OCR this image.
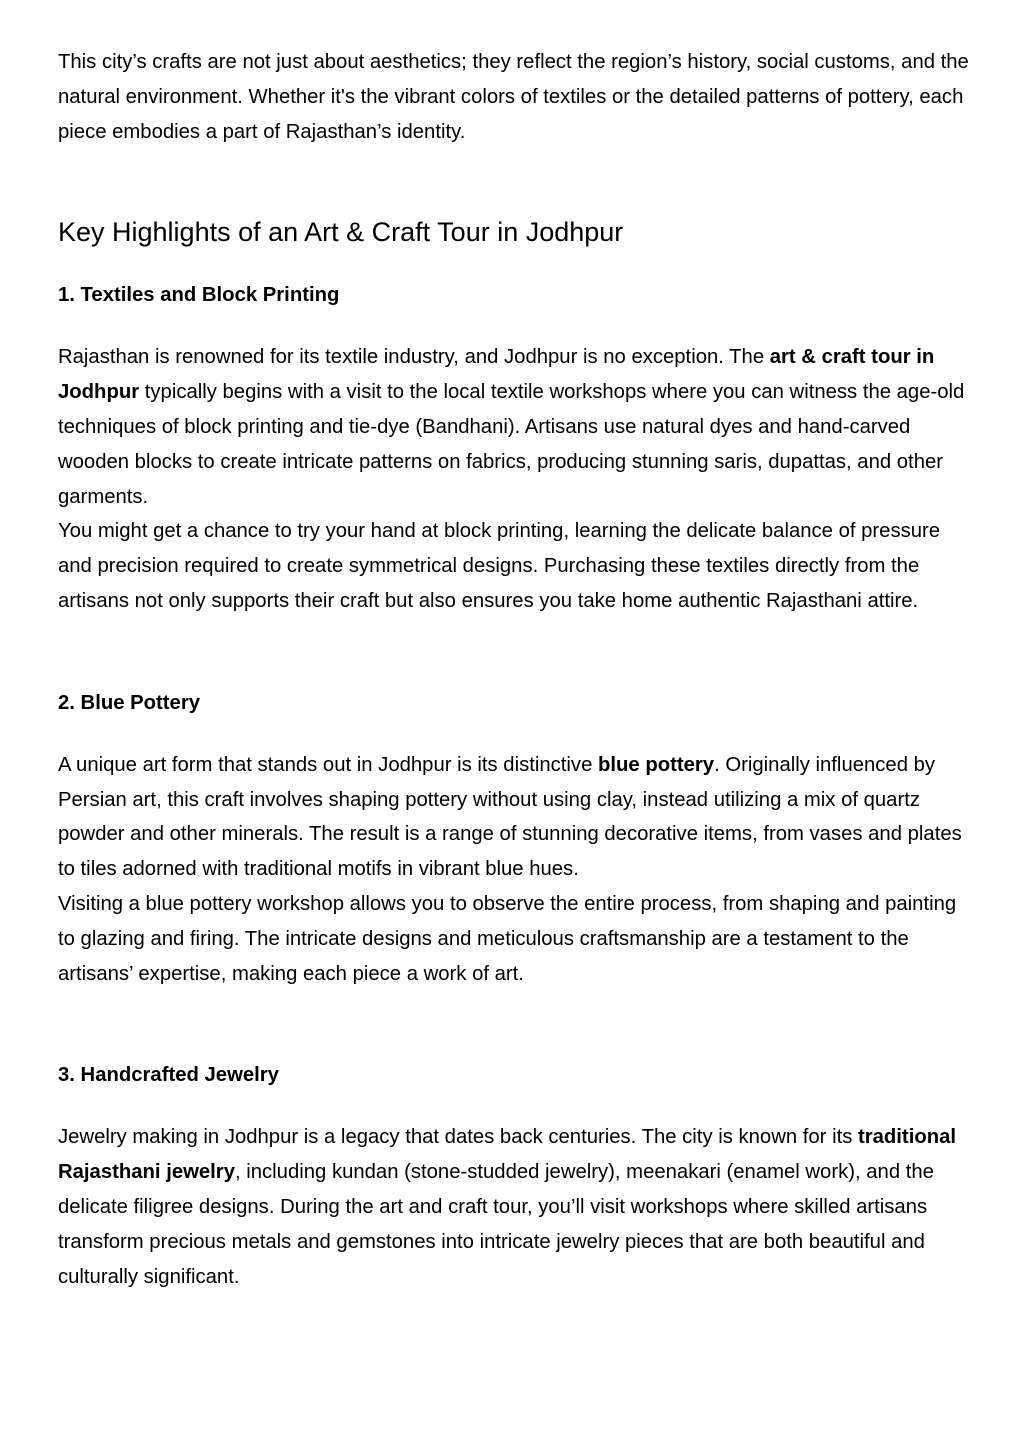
This city’s crafts are not just about aesthetics; they reflect the region’s history, social customs, and the natural environment. Whether it's the vibrant colors of textiles or the detailed patterns of pottery, each piece embodies a part of Rajasthan’s identity.

Key Highlights of an Art & Craft Tour in Jodhpur
1. Textiles and Block Printing

Rajasthan is renowned for its textile industry, and Jodhpur is no exception. The art & craft tour in Jodhpur typically begins with a visit to the local textile workshops where you can witness the age-old techniques of block printing and tie-dye (Bandhani). Artisans use natural dyes and hand-carved wooden blocks to create intricate patterns on fabrics, producing stunning saris, dupattas, and other garments.

You might get a chance to try your hand at block printing, learning the delicate balance of pressure and precision required to create symmetrical designs. Purchasing these textiles directly from the artisans not only supports their craft but also ensures you take home authentic Rajasthani attire.

2. Blue Pottery

A unique art form that stands out in Jodhpur is its distinctive blue pottery. Originally influenced by Persian art, this craft involves shaping pottery without using clay, instead utilizing a mix of quartz powder and other minerals. The result is a range of stunning decorative items, from vases and plates to tiles adorned with traditional motifs in vibrant blue hues.

Visiting a blue pottery workshop allows you to observe the entire process, from shaping and painting to glazing and firing. The intricate designs and meticulous craftsmanship are a testament to the artisans’ expertise, making each piece a work of art.

3. Handcrafted Jewelry

Jewelry making in Jodhpur is a legacy that dates back centuries. The city is known for its traditional Rajasthani jewelry, including kundan (stone-studded jewelry), meenakari (enamel work), and the delicate filigree designs. During the art and craft tour, you’ll visit workshops where skilled artisans transform precious metals and gemstones into intricate jewelry pieces that are both beautiful and culturally significant.
